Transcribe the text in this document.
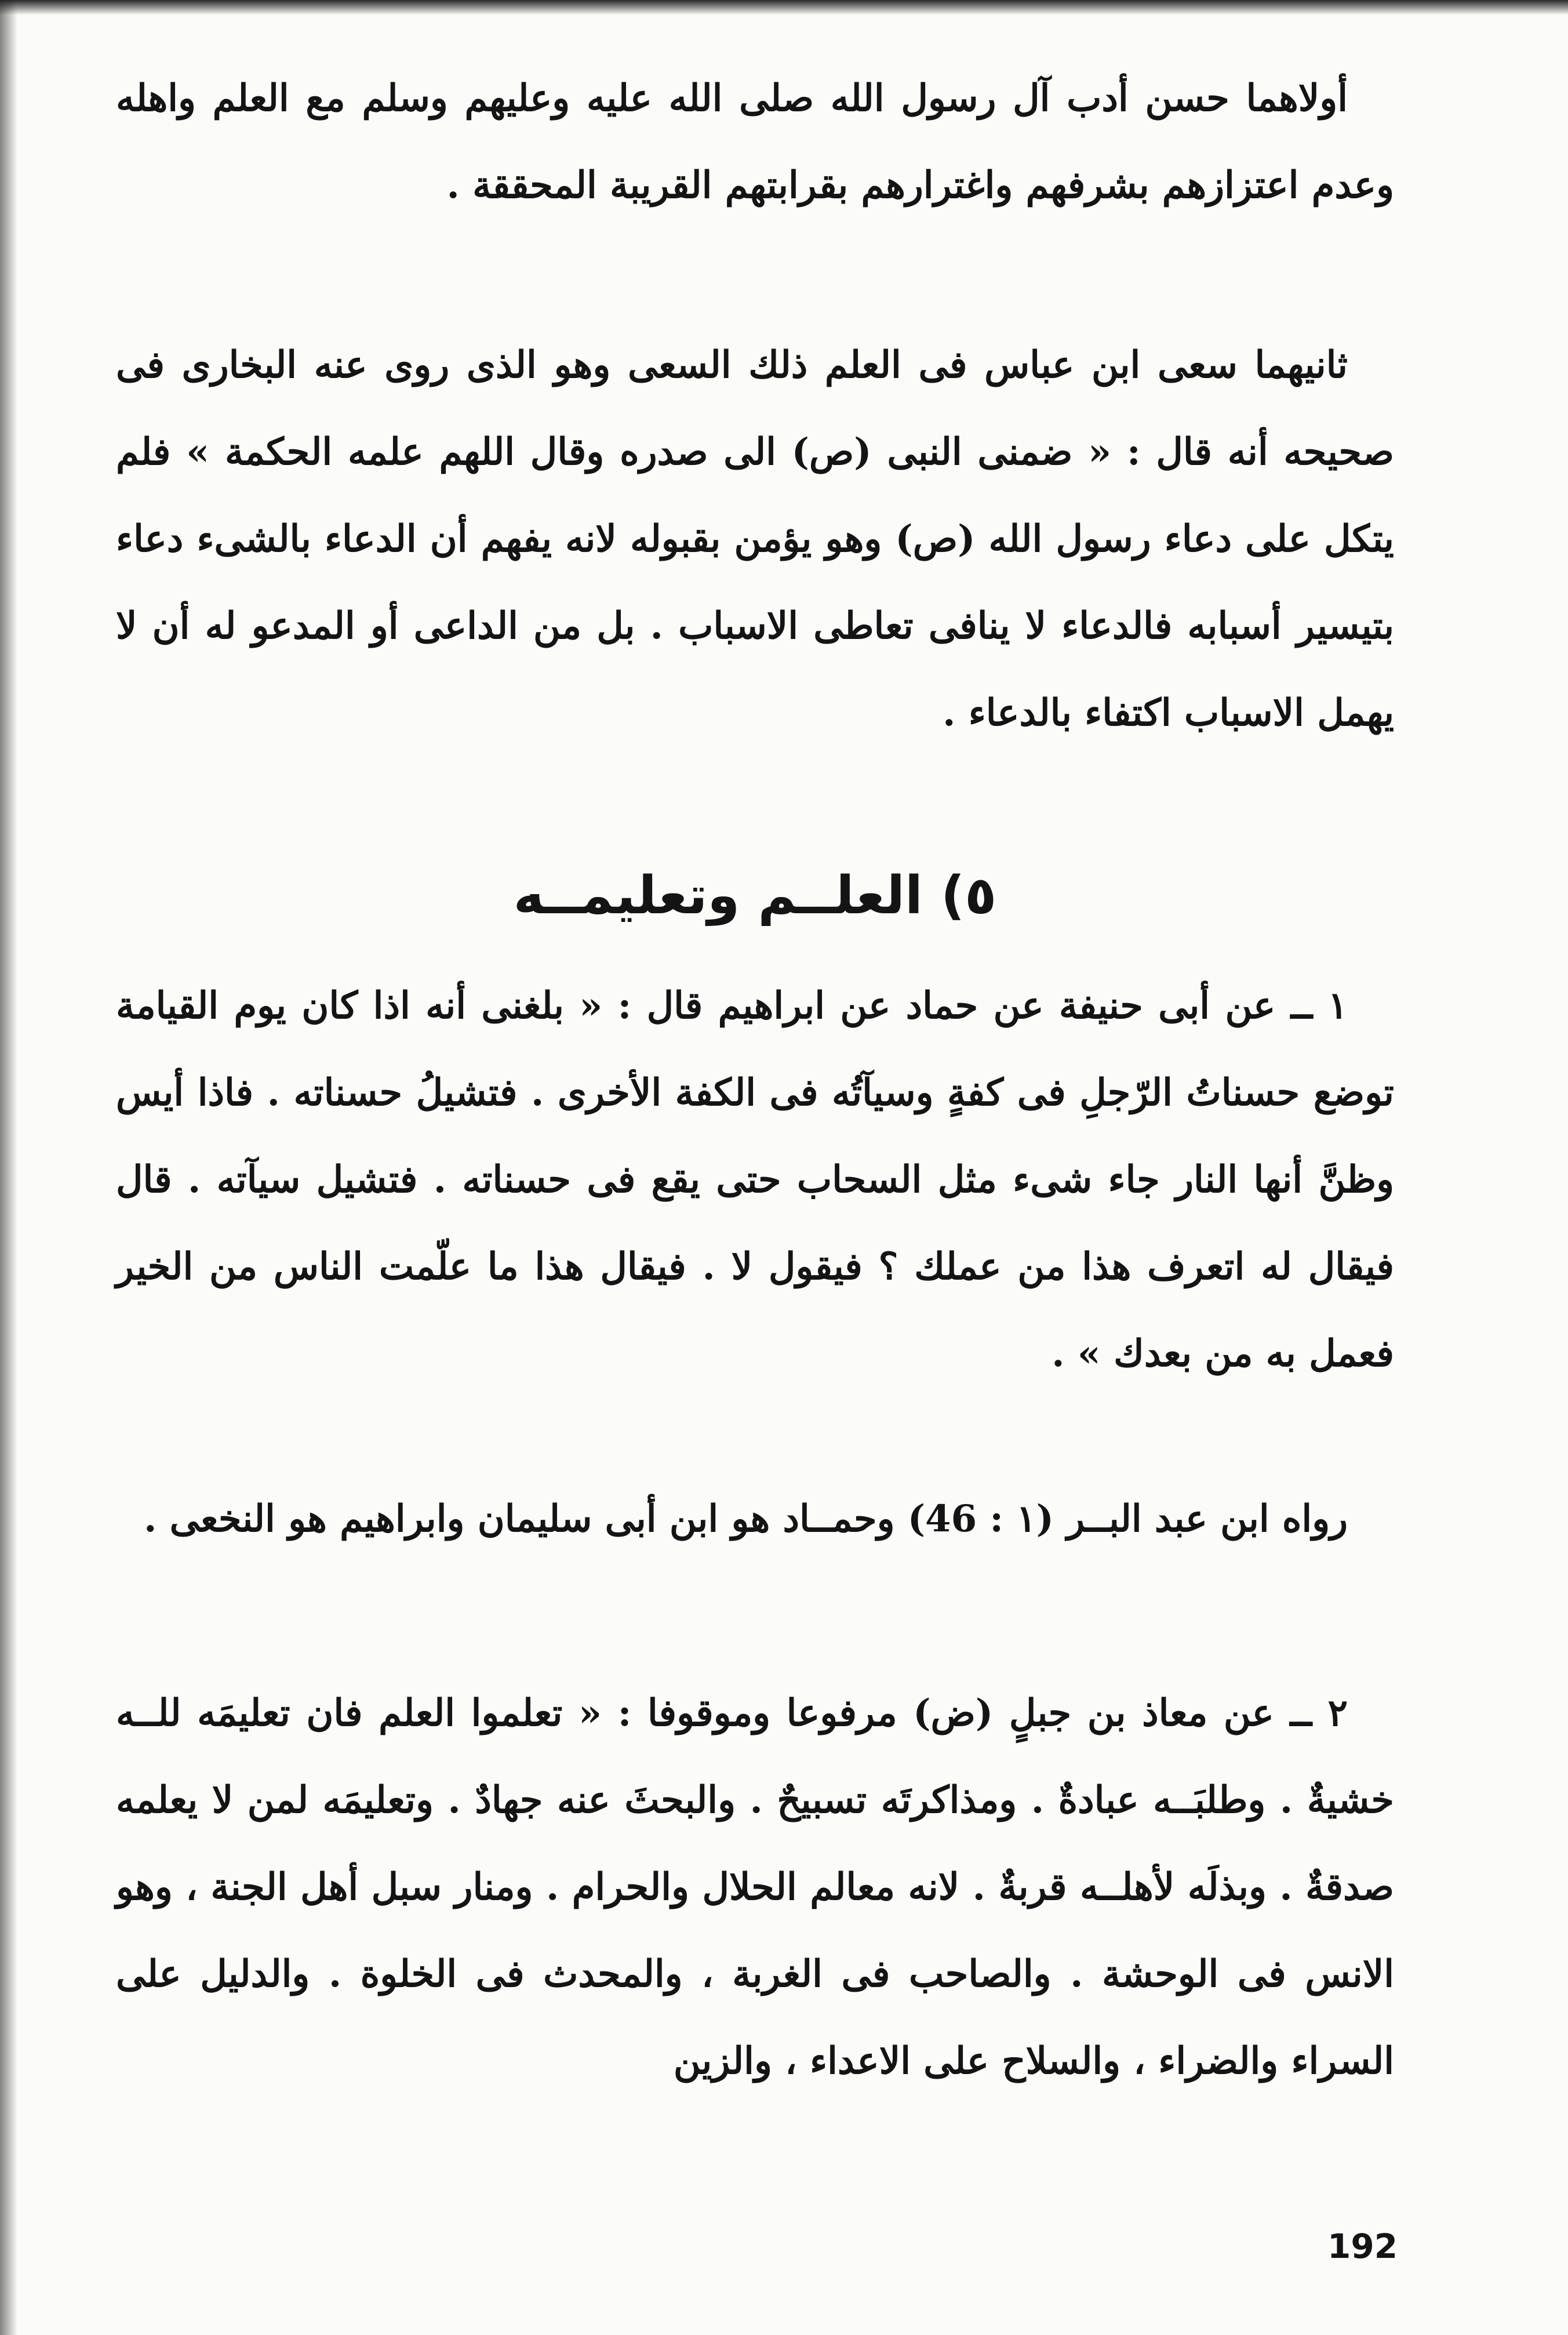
أولاهما حسن أدب آل رسول الله صلى الله عليه وعليهم وسلم مع العلم واهله وعدم اعتزازهم بشرفهم واغترارهم بقرابتهم القريبة المحققة .

ثانيهما سعى ابن عباس فى العلم ذلك السعى وهو الذى روى عنه البخارى فى صحيحه أنه قال : « ضمنى النبى (ص) الى صدره وقال اللهم علمه الحكمة » فلم يتكل على دعاء رسول الله (ص) وهو يؤمن بقبوله لانه يفهم أن الدعاء بالشىء دعاء بتيسير أسبابه فالدعاء لا ينافى تعاطى الاسباب . بل من الداعى أو المدعو له أن لا يهمل الاسباب اكتفاء بالدعاء .

٥) العلــم وتعليمــه

١ ــ عن أبى حنيفة عن حماد عن ابراهيم قال : « بلغنى أنه اذا كان يوم القيامة توضع حسناتُ الرّجلِ فى كفةٍ وسيآتُه فى الكفة الأخرى . فتشيلُ حسناته . فاذا أيس وظنَّ أنها النار جاء شىء مثل السحاب حتى يقع فى حسناته . فتشيل سيآته . قال فيقال له اتعرف هذا من عملك ؟ فيقول لا . فيقال هذا ما علّمت الناس من الخير فعمل به من بعدك » .

رواه ابن عبد البــر (١ : 46) وحمــاد هو ابن أبى سليمان وابراهيم هو النخعى .

٢ ــ عن معاذ بن جبلٍ (ض) مرفوعا وموقوفا : « تعلموا العلم فان تعليمَه للــه خشيةٌ . وطلبَــه عبادةٌ . ومذاكرتَه تسبيحٌ . والبحثَ عنه جهادٌ . وتعليمَه لمن لا يعلمه صدقةٌ . وبذلَه لأهلــه قربةٌ . لانه معالم الحلال والحرام . ومنار سبل أهل الجنة ، وهو الانس فى الوحشة . والصاحب فى الغربة ، والمحدث فى الخلوة . والدليل على السراء والضراء ، والسلاح على الاعداء ، والزين

192
